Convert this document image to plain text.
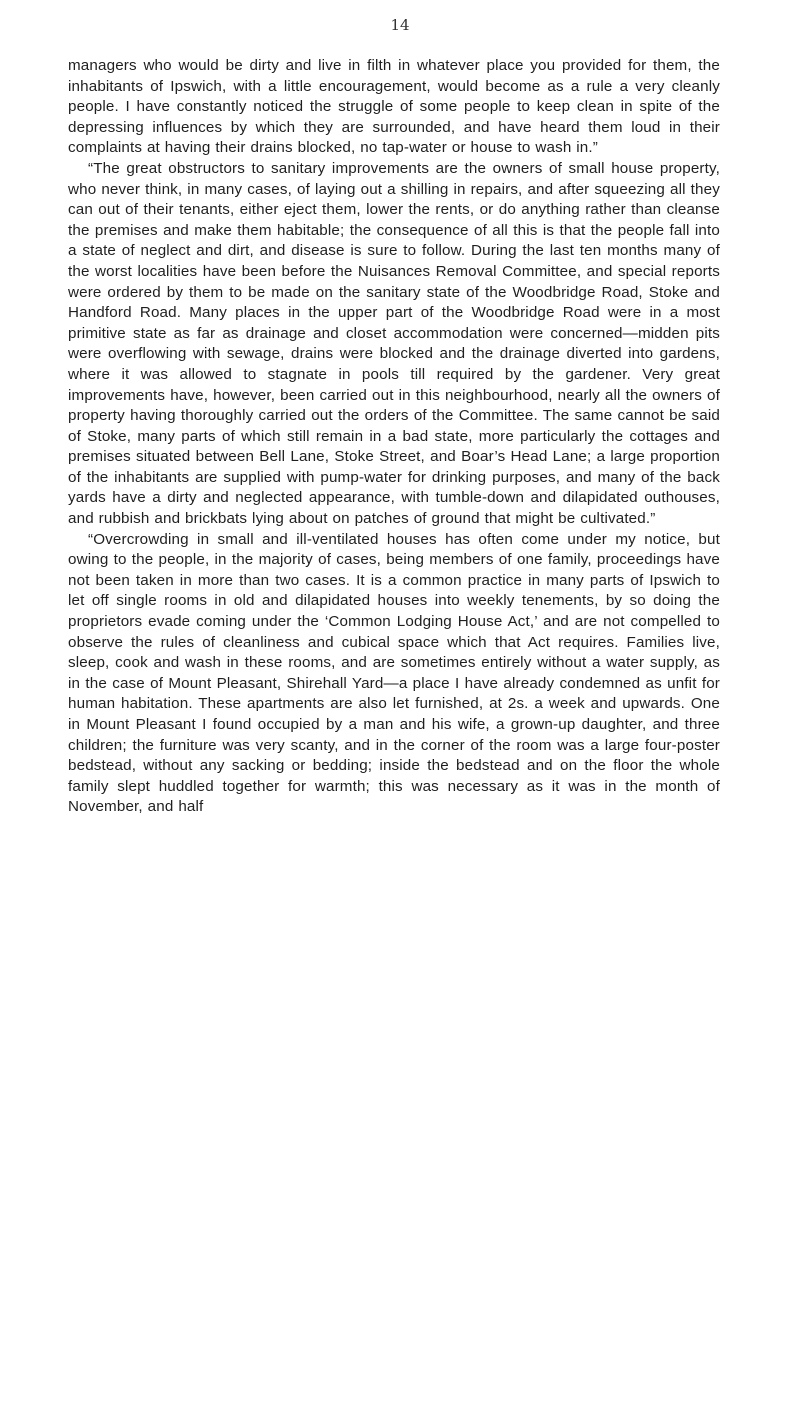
14

managers who would be dirty and live in filth in whatever place you provided for them, the inhabitants of Ipswich, with a little encouragement, would become as a rule a very cleanly people. I have constantly noticed the struggle of some people to keep clean in spite of the depressing influences by which they are surrounded, and have heard them loud in their complaints at having their drains blocked, no tap-water or house to wash in.”

“The great obstructors to sanitary improvements are the owners of small house property, who never think, in many cases, of laying out a shilling in repairs, and after squeezing all they can out of their tenants, either eject them, lower the rents, or do anything rather than cleanse the premises and make them habitable; the consequence of all this is that the people fall into a state of neglect and dirt, and disease is sure to follow. During the last ten months many of the worst localities have been before the Nuisances Removal Committee, and special reports were ordered by them to be made on the sanitary state of the Woodbridge Road, Stoke and Handford Road. Many places in the upper part of the Woodbridge Road were in a most primitive state as far as drainage and closet accommodation were concerned—midden pits were overflowing with sewage, drains were blocked and the drainage diverted into gardens, where it was allowed to stagnate in pools till required by the gardener. Very great improvements have, however, been carried out in this neighbourhood, nearly all the owners of property having thoroughly carried out the orders of the Committee. The same cannot be said of Stoke, many parts of which still remain in a bad state, more particularly the cottages and premises situated between Bell Lane, Stoke Street, and Boar’s Head Lane; a large proportion of the inhabitants are supplied with pump-water for drinking purposes, and many of the back yards have a dirty and neglected appearance, with tumble-down and dilapidated outhouses, and rubbish and brickbats lying about on patches of ground that might be cultivated.”

“Overcrowding in small and ill-ventilated houses has often come under my notice, but owing to the people, in the majority of cases, being members of one family, proceedings have not been taken in more than two cases. It is a common practice in many parts of Ipswich to let off single rooms in old and dilapidated houses into weekly tenements, by so doing the proprietors evade coming under the ‘Common Lodging House Act,’ and are not compelled to observe the rules of cleanliness and cubical space which that Act requires. Families live, sleep, cook and wash in these rooms, and are sometimes entirely without a water supply, as in the case of Mount Pleasant, Shirehall Yard—a place I have already condemned as unfit for human habitation. These apartments are also let furnished, at 2s. a week and upwards. One in Mount Pleasant I found occupied by a man and his wife, a grown-up daughter, and three children; the furniture was very scanty, and in the corner of the room was a large four-poster bedstead, without any sacking or bedding; inside the bedstead and on the floor the whole family slept huddled together for warmth; this was necessary as it was in the month of November, and half
